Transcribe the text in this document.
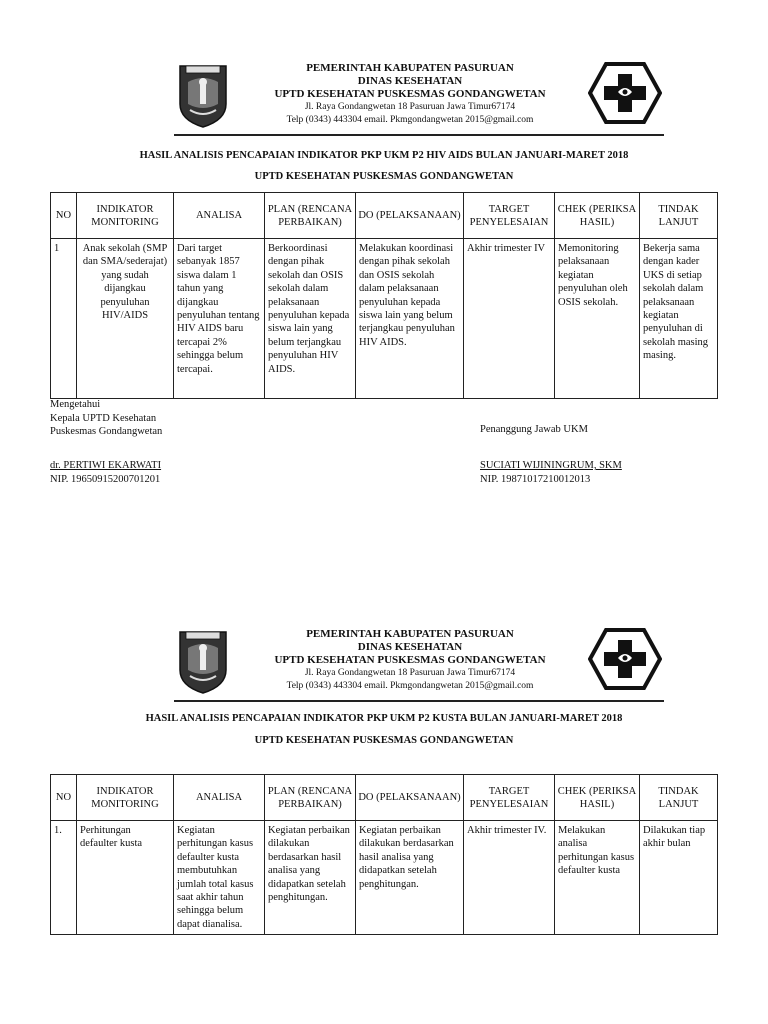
PEMERINTAH KABUPATEN PASURUAN
DINAS KESEHATAN
UPTD KESEHATAN PUSKESMAS GONDANGWETAN
Jl. Raya Gondangwetan 18 Pasuruan Jawa Timur67174
Telp (0343) 443304 email. Pkmgondangwetan 2015@gmail.com
HASIL ANALISIS PENCAPAIAN INDIKATOR PKP UKM P2 HIV AIDS BULAN JANUARI-MARET 2018
UPTD KESEHATAN PUSKESMAS GONDANGWETAN
NO	INDIKATOR MONITORING	ANALISA	PLAN (RENCANA PERBAIKAN)	DO (PELAKSANAAN)	TARGET PENYELESAIAN	CHEK (PERIKSA HASIL)	TINDAK LANJUT
1	Anak sekolah (SMP dan SMA/sederajat) yang sudah dijangkau penyuluhan HIV/AIDS	Dari target sebanyak 1857 siswa dalam 1 tahun yang dijangkau penyuluhan tentang HIV AIDS baru tercapai 2% sehingga belum tercapai.	Berkoordinasi dengan pihak sekolah dan OSIS sekolah dalam pelaksanaan penyuluhan kepada siswa lain yang belum terjangkau penyuluhan HIV AIDS.	Melakukan koordinasi dengan pihak sekolah dan OSIS sekolah dalam pelaksanaan penyuluhan kepada siswa lain yang belum terjangkau penyuluhan HIV AIDS.	Akhir trimester IV	Memonitoring pelaksanaan kegiatan penyuluhan oleh OSIS sekolah.	Bekerja sama dengan kader UKS di setiap sekolah dalam pelaksanaan kegiatan penyuluhan di sekolah masing masing.
Mengetahui
Kepala UPTD Kesehatan
Puskesmas Gondangwetan
dr. PERTIWI EKARWATI
NIP. 19650915200701201
Penanggung Jawab UKM
SUCIATI WIJININGRUM, SKM
NIP. 19871017210012013
PEMERINTAH KABUPATEN PASURUAN
DINAS KESEHATAN
UPTD KESEHATAN PUSKESMAS GONDANGWETAN
Jl. Raya Gondangwetan 18 Pasuruan Jawa Timur67174
Telp (0343) 443304 email. Pkmgondangwetan 2015@gmail.com
HASIL ANALISIS PENCAPAIAN INDIKATOR PKP UKM P2 KUSTA BULAN JANUARI-MARET 2018
UPTD KESEHATAN PUSKESMAS GONDANGWETAN
NO	INDIKATOR MONITORING	ANALISA	PLAN (RENCANA PERBAIKAN)	DO (PELAKSANAAN)	TARGET PENYELESAIAN	CHEK (PERIKSA HASIL)	TINDAK LANJUT
1.	Perhitungan defaulter kusta	Kegiatan perhitungan kasus defaulter kusta membutuhkan jumlah total kasus saat akhir tahun sehingga belum dapat dianalisa.	Kegiatan perbaikan dilakukan berdasarkan hasil analisa yang didapatkan setelah penghitungan.	Kegiatan perbaikan dilakukan berdasarkan hasil analisa yang didapatkan setelah penghitungan.	Akhir trimester IV.	Melakukan analisa perhitungan kasus defaulter kusta	Dilakukan tiap akhir bulan
